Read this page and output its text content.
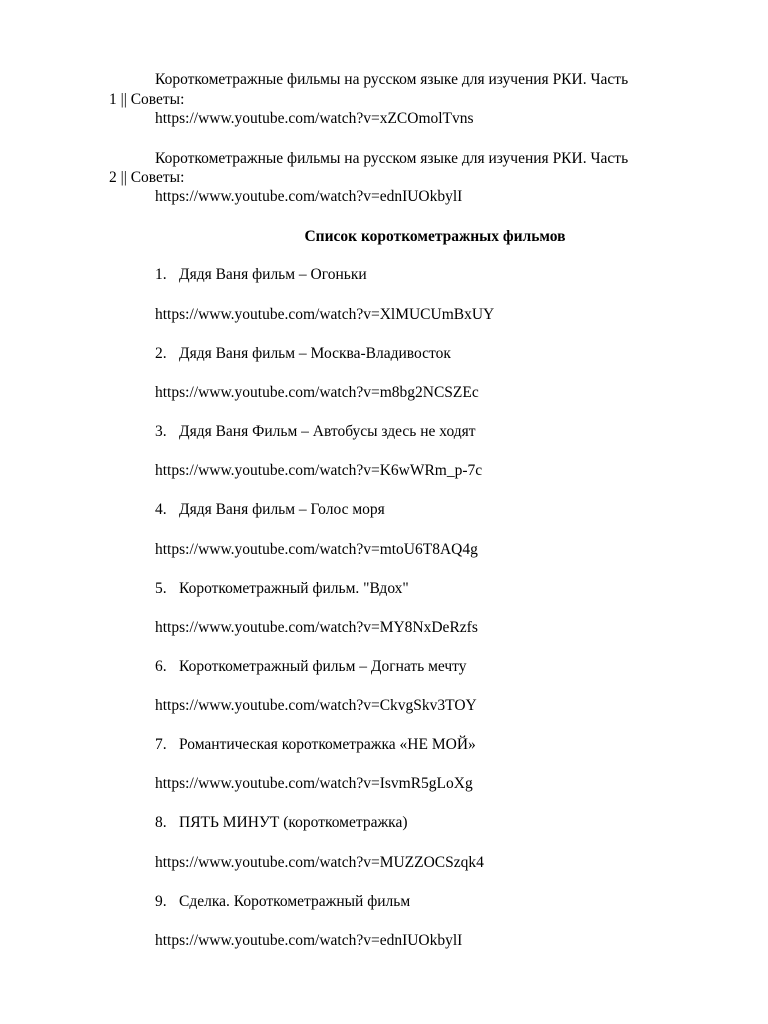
Короткометражные фильмы на русском языке для изучения РКИ. Часть
1 || Советы:
https://www.youtube.com/watch?v=xZCOmolTvns
Короткометражные фильмы на русском языке для изучения РКИ. Часть
2 || Советы:
https://www.youtube.com/watch?v=ednIUOkbylI
Список короткометражных фильмов
1. Дядя Ваня фильм – Огоньки
https://www.youtube.com/watch?v=XlMUCUmBxUY
2. Дядя Ваня фильм – Москва-Владивосток
https://www.youtube.com/watch?v=m8bg2NCSZEc
3. Дядя Ваня Фильм – Автобусы здесь не ходят
https://www.youtube.com/watch?v=K6wWRm_p-7c
4. Дядя Ваня фильм – Голос моря
https://www.youtube.com/watch?v=mtoU6T8AQ4g
5. Короткометражный фильм. "Вдох"
https://www.youtube.com/watch?v=MY8NxDeRzfs
6. Короткометражный фильм – Догнать мечту
https://www.youtube.com/watch?v=CkvgSkv3TOY
7. Романтическая короткометражка «НЕ МОЙ»
https://www.youtube.com/watch?v=IsvmR5gLoXg
8. ПЯТЬ МИНУТ (короткометражка)
https://www.youtube.com/watch?v=MUZZOCSzqk4
9. Сделка. Короткометражный фильм
https://www.youtube.com/watch?v=ednIUOkbylI
